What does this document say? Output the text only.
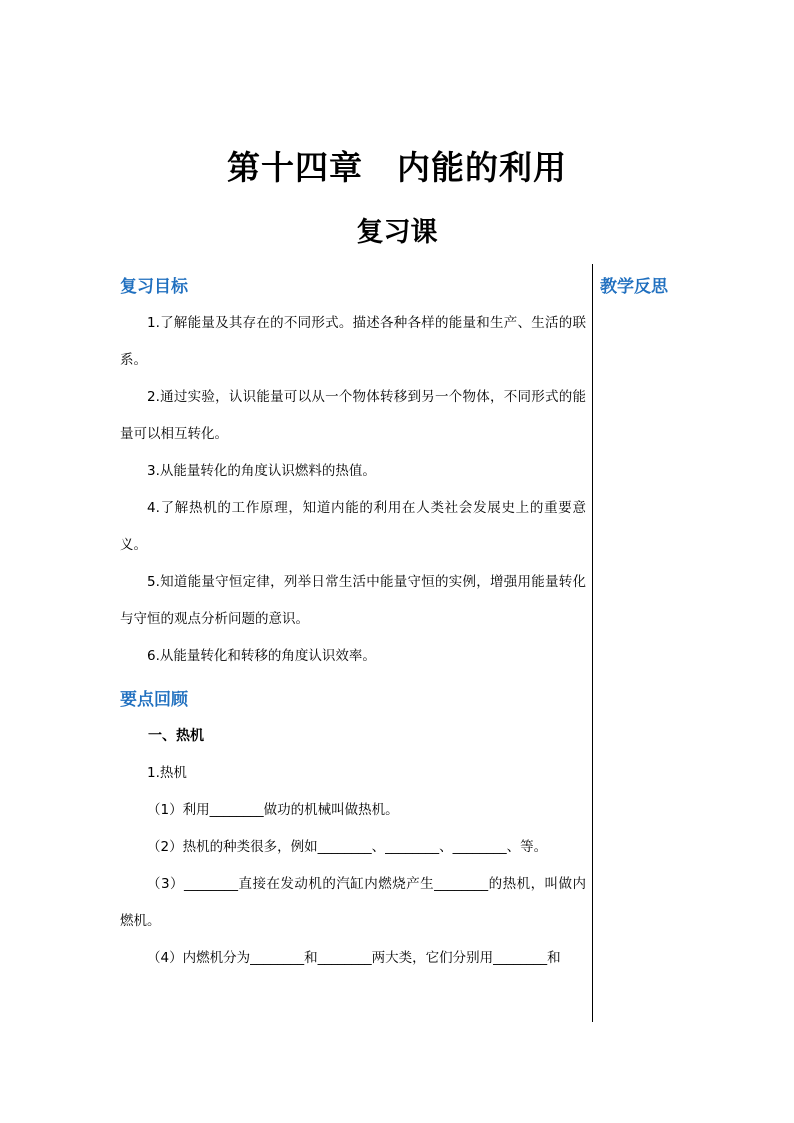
第十四章　内能的利用
复习课
教学反思
复习目标

1.了解能量及其存在的不同形式。描述各种各样的能量和生产、生活的联系。

2.通过实验，认识能量可以从一个物体转移到另一个物体，不同形式的能量可以相互转化。

3.从能量转化的角度认识燃料的热值。

4.了解热机的工作原理，知道内能的利用在人类社会发展史上的重要意义。

5.知道能量守恒定律，列举日常生活中能量守恒的实例，增强用能量转化与守恒的观点分析问题的意识。

6.从能量转化和转移的角度认识效率。

要点回顾

一、热机

1.热机

（1）利用________做功的机械叫做热机。

（2）热机的种类很多，例如________、________、________、等。

（3）________直接在发动机的汽缸内燃烧产生________的热机，叫做内燃机。

（4）内燃机分为________和________两大类，它们分别用________和
